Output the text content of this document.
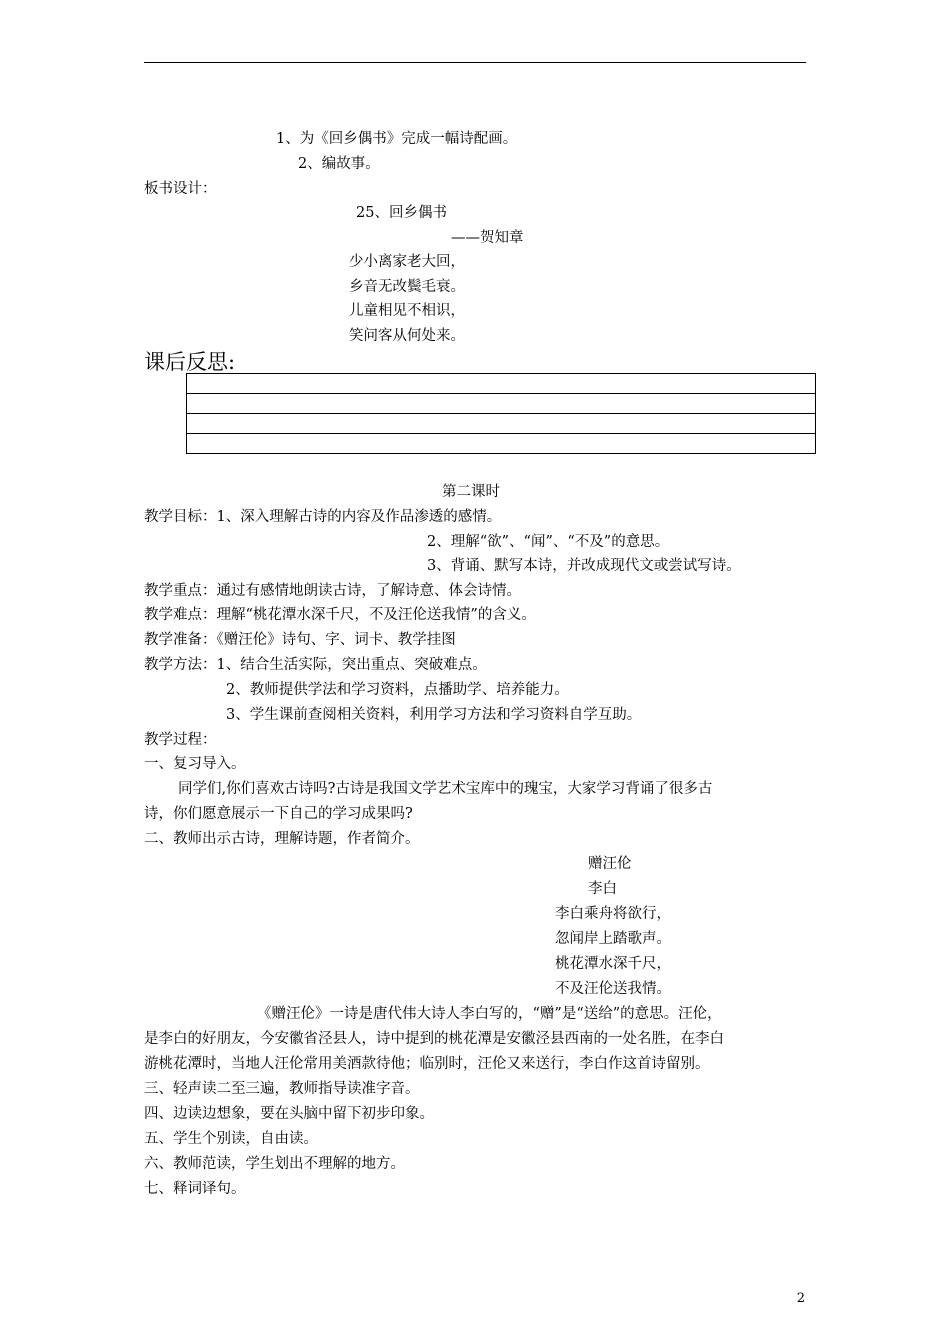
1、为《回乡偶书》完成一幅诗配画。
2、编故事。
板书设计：
25、回乡偶书
——贺知章
少小离家老大回，
乡音无改鬓毛衰。
儿童相见不相识，
笑问客从何处来。
课后反思:

第二课时
教学目标：1、深入理解古诗的内容及作品渗透的感情。
2、理解“欲”、“闻”、“不及”的意思。
3、背诵、默写本诗，并改成现代文或尝试写诗。
教学重点：通过有感情地朗读古诗，了解诗意、体会诗情。
教学难点：理解“桃花潭水深千尺，不及汪伦送我情”的含义。
教学准备：《赠汪伦》诗句、字、词卡、教学挂图
教学方法：1、结合生活实际，突出重点、突破难点。
2、教师提供学法和学习资料，点播助学、培养能力。
3、学生课前查阅相关资料，利用学习方法和学习资料自学互助。
教学过程：
一、复习导入。
同学们,你们喜欢古诗吗?古诗是我国文学艺术宝库中的瑰宝，大家学习背诵了很多古
诗，你们愿意展示一下自己的学习成果吗?
二、教师出示古诗，理解诗题，作者简介。
赠汪伦
李白
李白乘舟将欲行，
忽闻岸上踏歌声。
桃花潭水深千尺，
不及汪伦送我情。
《赠汪伦》一诗是唐代伟大诗人李白写的，“赠”是“送给”的意思。汪伦，
是李白的好朋友，今安徽省泾县人，诗中提到的桃花潭是安徽泾县西南的一处名胜，在李白
游桃花潭时，当地人汪伦常用美酒款待他；临别时，汪伦又来送行，李白作这首诗留别。
三、轻声读二至三遍，教师指导读准字音。
四、边读边想象，要在头脑中留下初步印象。
五、学生个别读，自由读。
六、教师范读，学生划出不理解的地方。
七、释词译句。
2
